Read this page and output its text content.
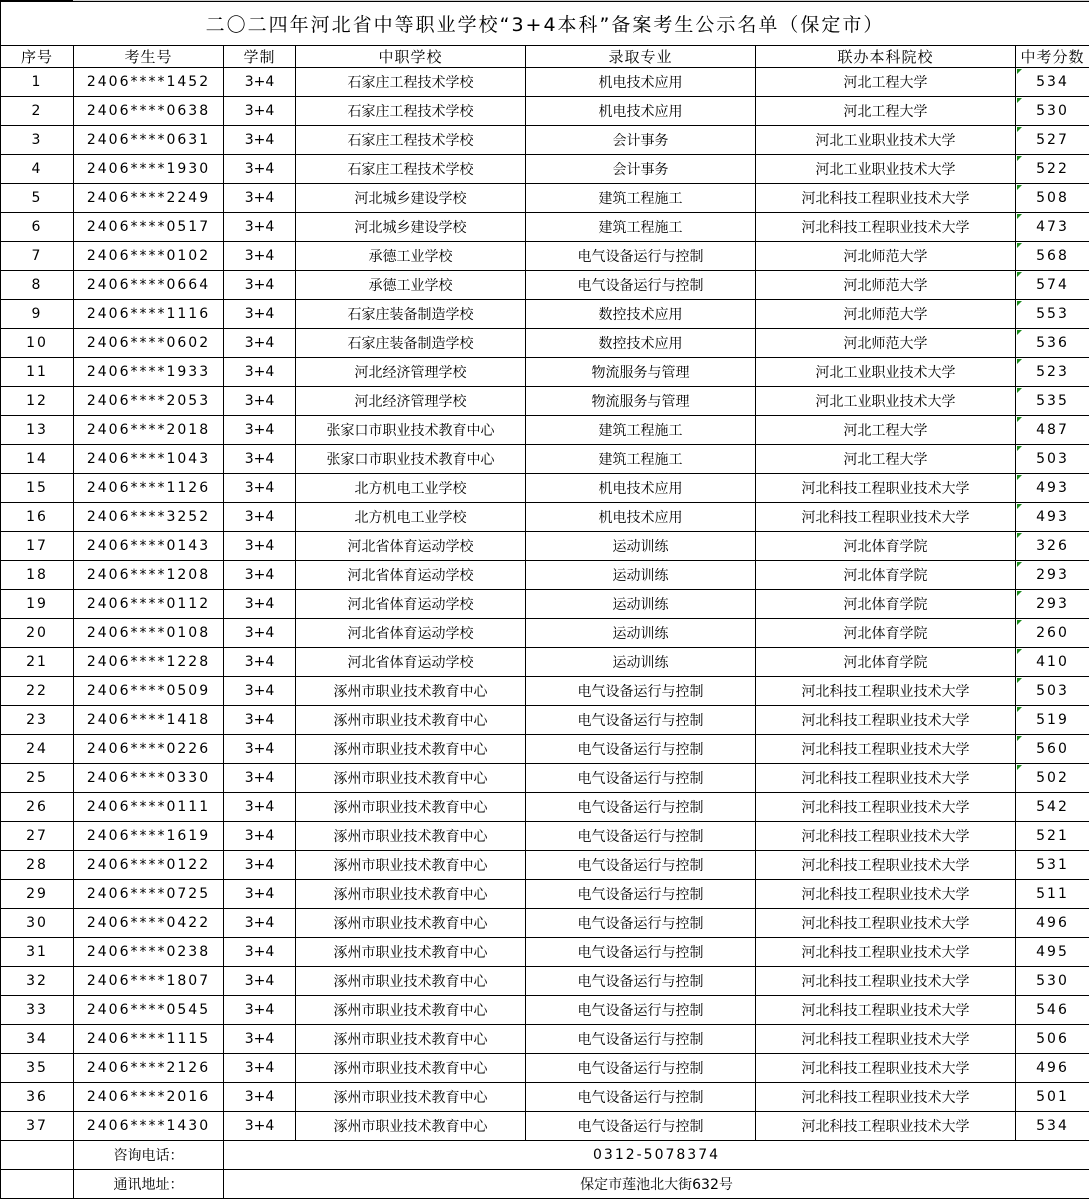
二〇二四年河北省中等职业学校“3+4本科”备案考生公示名单（保定市）						
序号	考生号	学制	中职学校	录取专业	联办本科院校	中考分数
1	2406****1452	3+4	石家庄工程技术学校	机电技术应用	河北工程大学	534
2	2406****0638	3+4	石家庄工程技术学校	机电技术应用	河北工程大学	530
3	2406****0631	3+4	石家庄工程技术学校	会计事务	河北工业职业技术大学	527
4	2406****1930	3+4	石家庄工程技术学校	会计事务	河北工业职业技术大学	522
5	2406****2249	3+4	河北城乡建设学校	建筑工程施工	河北科技工程职业技术大学	508
6	2406****0517	3+4	河北城乡建设学校	建筑工程施工	河北科技工程职业技术大学	473
7	2406****0102	3+4	承德工业学校	电气设备运行与控制	河北师范大学	568
8	2406****0664	3+4	承德工业学校	电气设备运行与控制	河北师范大学	574
9	2406****1116	3+4	石家庄装备制造学校	数控技术应用	河北师范大学	553
10	2406****0602	3+4	石家庄装备制造学校	数控技术应用	河北师范大学	536
11	2406****1933	3+4	河北经济管理学校	物流服务与管理	河北工业职业技术大学	523
12	2406****2053	3+4	河北经济管理学校	物流服务与管理	河北工业职业技术大学	535
13	2406****2018	3+4	张家口市职业技术教育中心	建筑工程施工	河北工程大学	487
14	2406****1043	3+4	张家口市职业技术教育中心	建筑工程施工	河北工程大学	503
15	2406****1126	3+4	北方机电工业学校	机电技术应用	河北科技工程职业技术大学	493
16	2406****3252	3+4	北方机电工业学校	机电技术应用	河北科技工程职业技术大学	493
17	2406****0143	3+4	河北省体育运动学校	运动训练	河北体育学院	326
18	2406****1208	3+4	河北省体育运动学校	运动训练	河北体育学院	293
19	2406****0112	3+4	河北省体育运动学校	运动训练	河北体育学院	293
20	2406****0108	3+4	河北省体育运动学校	运动训练	河北体育学院	260
21	2406****1228	3+4	河北省体育运动学校	运动训练	河北体育学院	410
22	2406****0509	3+4	涿州市职业技术教育中心	电气设备运行与控制	河北科技工程职业技术大学	503
23	2406****1418	3+4	涿州市职业技术教育中心	电气设备运行与控制	河北科技工程职业技术大学	519
24	2406****0226	3+4	涿州市职业技术教育中心	电气设备运行与控制	河北科技工程职业技术大学	560
25	2406****0330	3+4	涿州市职业技术教育中心	电气设备运行与控制	河北科技工程职业技术大学	502
26	2406****0111	3+4	涿州市职业技术教育中心	电气设备运行与控制	河北科技工程职业技术大学	542
27	2406****1619	3+4	涿州市职业技术教育中心	电气设备运行与控制	河北科技工程职业技术大学	521
28	2406****0122	3+4	涿州市职业技术教育中心	电气设备运行与控制	河北科技工程职业技术大学	531
29	2406****0725	3+4	涿州市职业技术教育中心	电气设备运行与控制	河北科技工程职业技术大学	511
30	2406****0422	3+4	涿州市职业技术教育中心	电气设备运行与控制	河北科技工程职业技术大学	496
31	2406****0238	3+4	涿州市职业技术教育中心	电气设备运行与控制	河北科技工程职业技术大学	495
32	2406****1807	3+4	涿州市职业技术教育中心	电气设备运行与控制	河北科技工程职业技术大学	530
33	2406****0545	3+4	涿州市职业技术教育中心	电气设备运行与控制	河北科技工程职业技术大学	546
34	2406****1115	3+4	涿州市职业技术教育中心	电气设备运行与控制	河北科技工程职业技术大学	506
35	2406****2126	3+4	涿州市职业技术教育中心	电气设备运行与控制	河北科技工程职业技术大学	496
36	2406****2016	3+4	涿州市职业技术教育中心	电气设备运行与控制	河北科技工程职业技术大学	501
37	2406****1430	3+4	涿州市职业技术教育中心	电气设备运行与控制	河北科技工程职业技术大学	534
	咨询电话：	0312-5078374				
	通讯地址：	保定市莲池北大街632号				
